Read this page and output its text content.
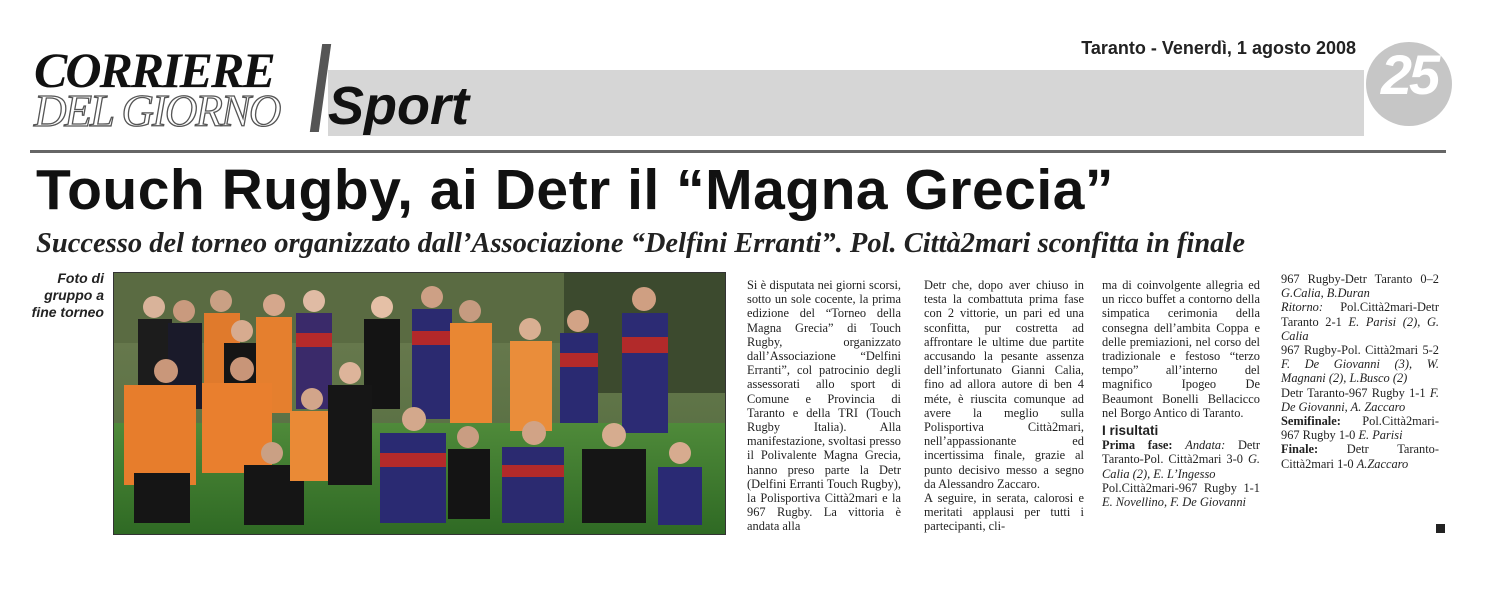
CORRIERE
DEL GIORNO Sport
Taranto - Venerdì, 1 agosto 2008 25
Touch Rugby, ai Detr il “Magna Grecia”
Successo del torneo organizzato dall’Associazione “Delfini Erranti”. Pol. Città2mari sconfitta in finale
Foto di gruppo a fine torneo

Si è disputata nei giorni scorsi, sotto un sole cocente, la prima edizione del “Torneo della Magna Grecia” di Touch Rugby, organizzato dall’Associazione “Delfini Erranti”, col patrocinio degli assessorati allo sport di Comune e Provincia di Taranto e della TRI (Touch Rugby Italia). Alla manifestazione, svoltasi presso il Polivalente Magna Grecia, hanno preso parte la Detr (Delfini Erranti Touch Rugby), la Polisportiva Città2mari e la 967 Rugby. La vittoria è andata alla

Detr che, dopo aver chiuso in testa la combattuta prima fase con 2 vittorie, un pari ed una sconfitta, pur costretta ad affrontare le ultime due partite accusando la pesante assenza dell’infortunato Gianni Calia, fino ad allora autore di ben 4 méte, è riuscita comunque ad avere la meglio sulla Polisportiva Città2mari, nell’appassionante ed incertissima finale, grazie al punto decisivo messo a segno da Alessandro Zaccaro.

A seguire, in serata, calorosi e meritati applausi per tutti i partecipanti, cli-

ma di coinvolgente allegria ed un ricco buffet a contorno della simpatica cerimonia della consegna dell’ambita Coppa e delle premiazioni, nel corso del tradizionale e festoso “terzo tempo” all’interno del magnifico Ipogeo De Beaumont Bonelli Bellacicco nel Borgo Antico di Taranto.

I risultati

Prima fase: Andata: Detr Taranto-Pol. Città2mari 3-0 G. Calia (2), E. L’Ingesso

Pol.Città2mari-967 Rugby 1-1 E. Novellino, F. De Giovanni

967 Rugby-Detr Taranto 0–2 G.Calia, B.Duran

Ritorno: Pol.Città2mari-Detr Taranto 2-1 E. Parisi (2), G. Calia

967 Rugby-Pol. Città2mari 5-2 F. De Giovanni (3), W. Magnani (2), L.Busco (2)

Detr Taranto-967 Rugby 1-1 F. De Giovanni, A. Zaccaro

Semifinale: Pol.Città2mari-967 Rugby 1-0 E. Parisi

Finale: Detr Taranto-Città2mari 1-0 A.Zaccaro
